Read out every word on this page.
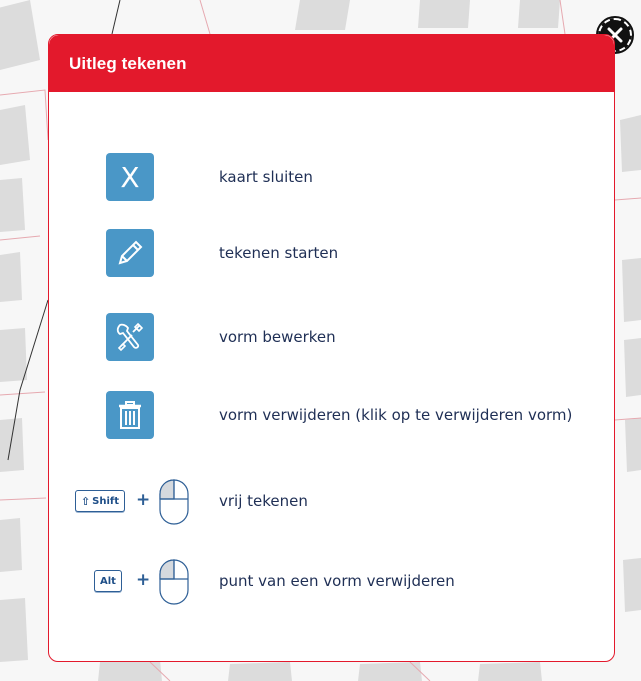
Uitleg tekenen
X	kaart sluiten
tekenen starten
vorm bewerken
vorm verwijderen (klik op te verwijderen vorm)
⇧ Shift +	vrij tekenen
Alt +	punt van een vorm verwijderen
